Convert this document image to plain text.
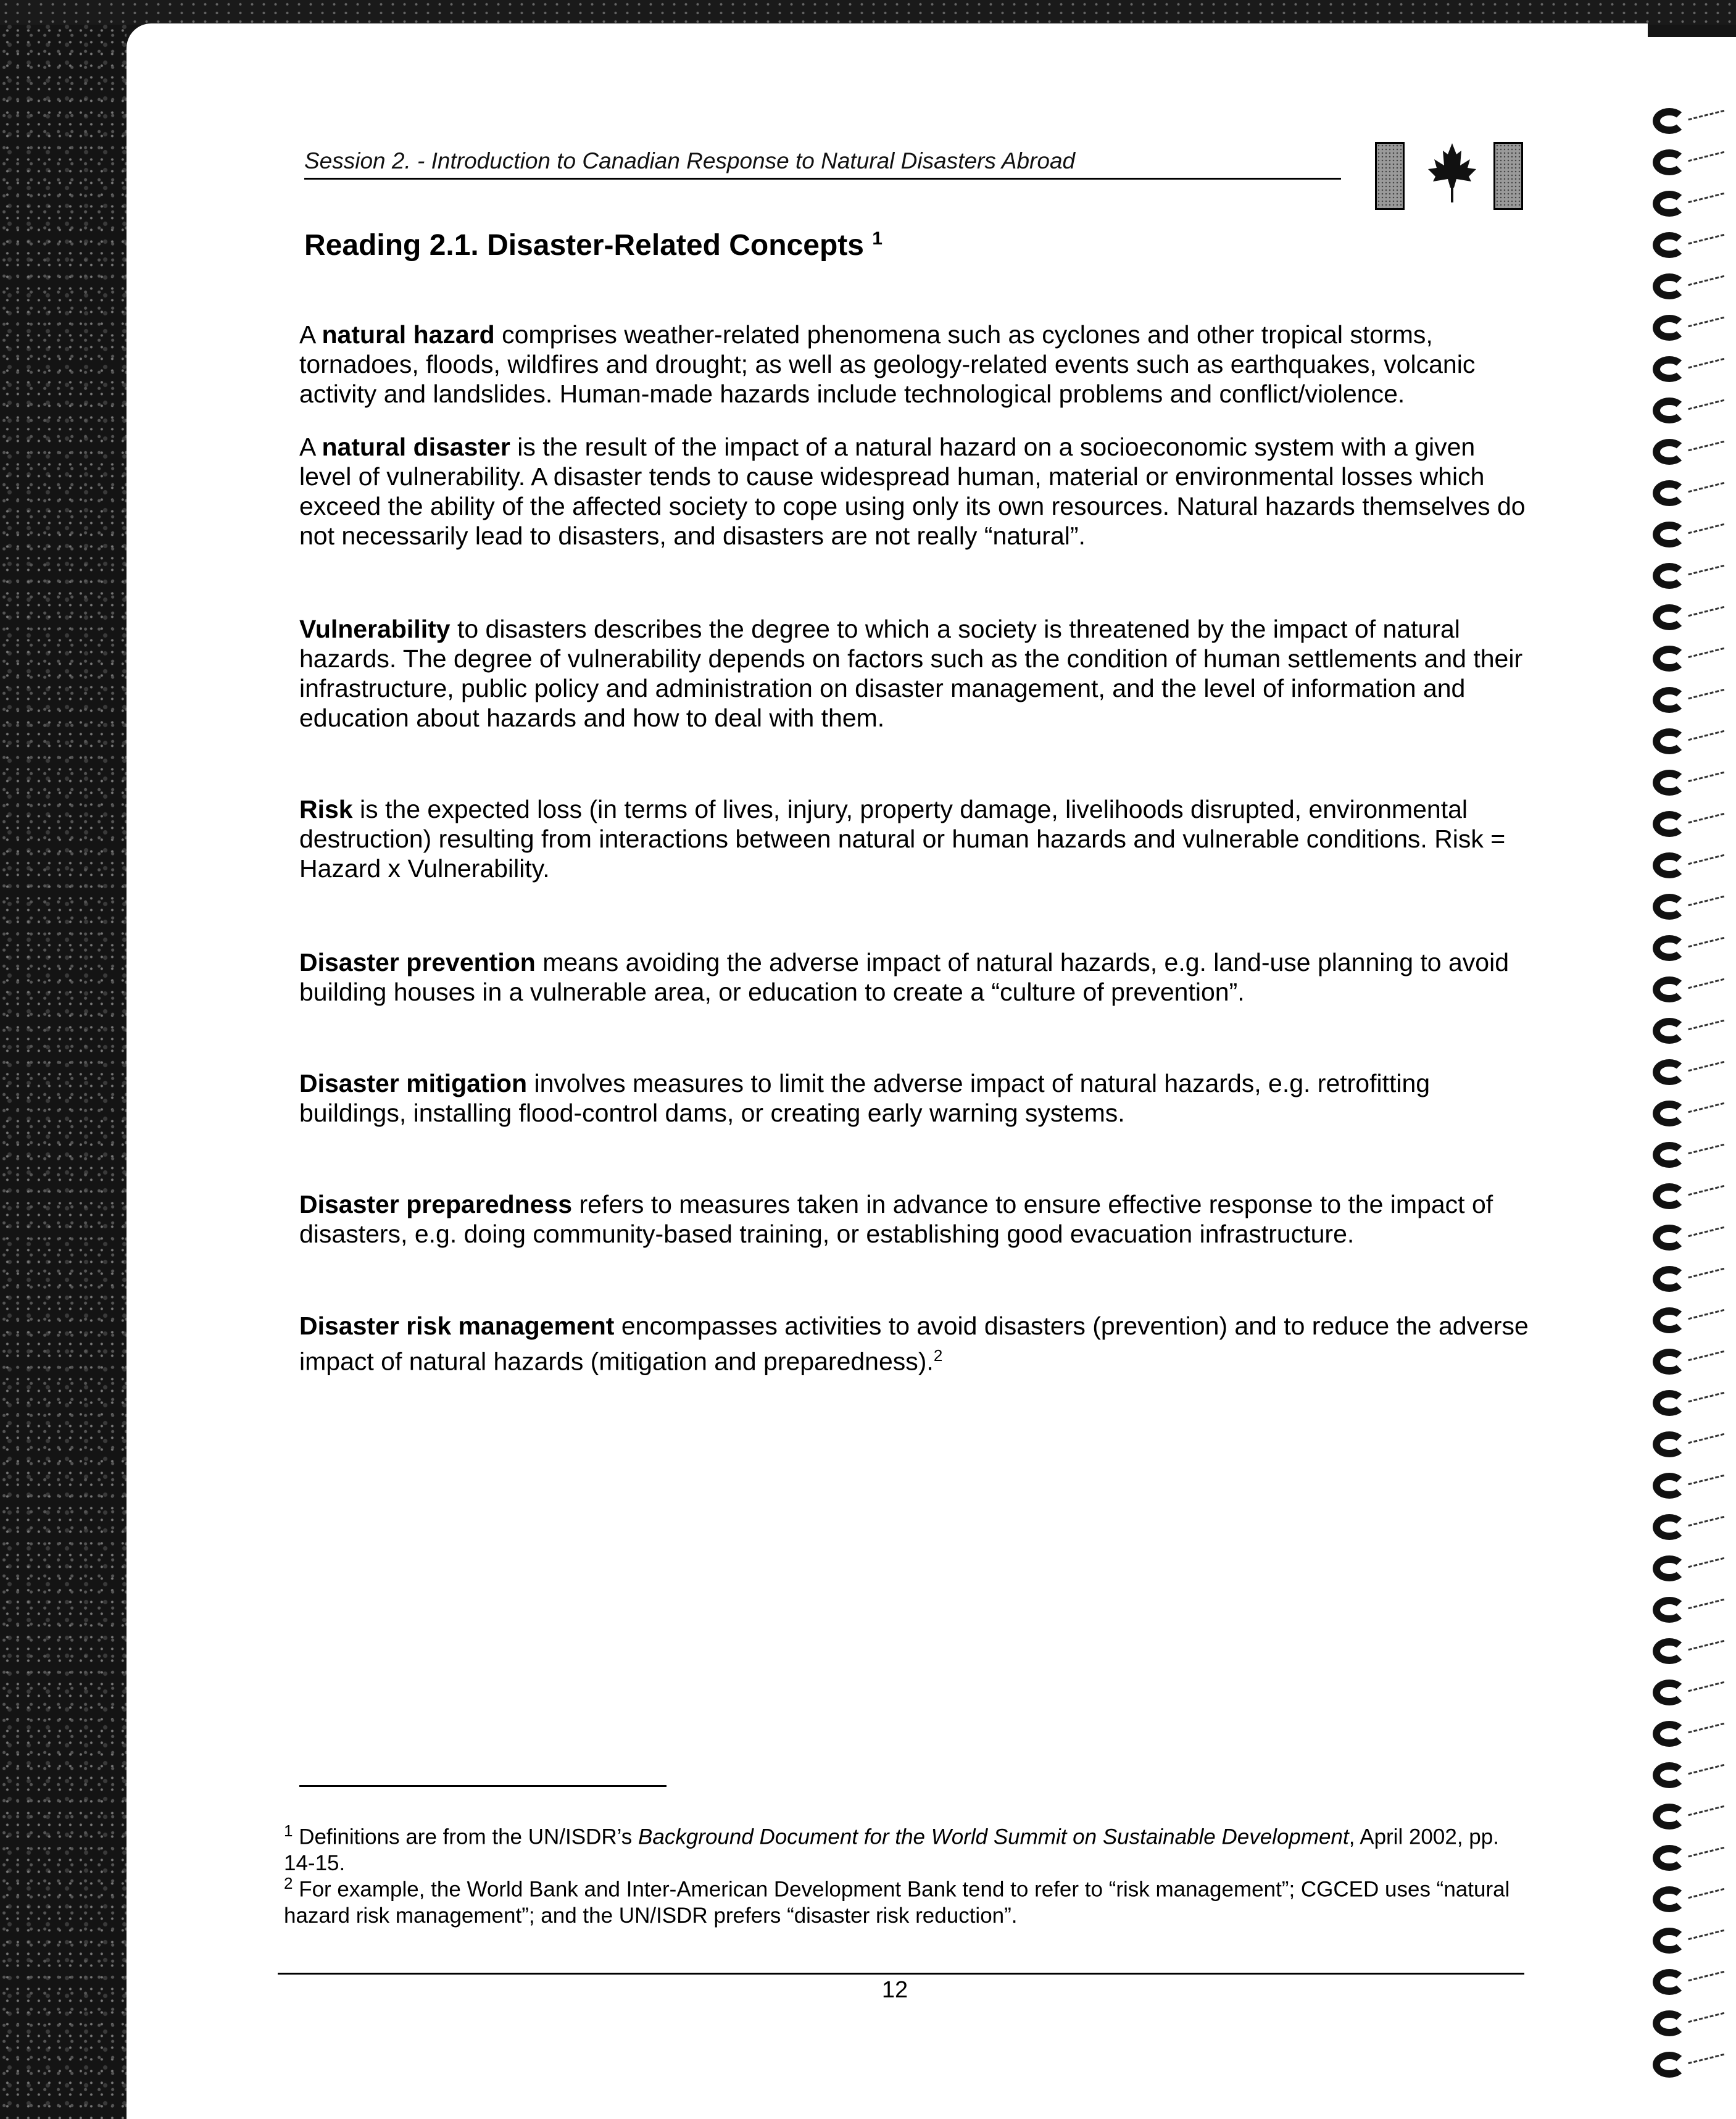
Session 2. - Introduction to Canadian Response to Natural Disasters Abroad
Reading 2.1. Disaster-Related Concepts $^1$

A natural hazard comprises weather-related phenomena such as cyclones and other tropical storms, tornadoes, floods, wildfires and drought; as well as geology-related events such as earthquakes, volcanic activity and landslides. Human-made hazards include technological problems and conflict/violence.

A natural disaster is the result of the impact of a natural hazard on a socioeconomic system with a given level of vulnerability. A disaster tends to cause widespread human, material or environmental losses which exceed the ability of the affected society to cope using only its own resources. Natural hazards themselves do not necessarily lead to disasters, and disasters are not really “natural”.

Vulnerability to disasters describes the degree to which a society is threatened by the impact of natural hazards. The degree of vulnerability depends on factors such as the condition of human settlements and their infrastructure, public policy and administration on disaster management, and the level of information and education about hazards and how to deal with them.

Risk is the expected loss (in terms of lives, injury, property damage, livelihoods disrupted, environmental destruction) resulting from interactions between natural or human hazards and vulnerable conditions. Risk = Hazard x Vulnerability.

Disaster prevention means avoiding the adverse impact of natural hazards, e.g. land-use planning to avoid building houses in a vulnerable area, or education to create a “culture of prevention”.

Disaster mitigation involves measures to limit the adverse impact of natural hazards, e.g. retrofitting buildings, installing flood-control dams, or creating early warning systems.

Disaster preparedness refers to measures taken in advance to ensure effective response to the impact of disasters, e.g. doing community-based training, or establishing good evacuation infrastructure.

Disaster risk management encompasses activities to avoid disasters (prevention) and to reduce the adverse impact of natural hazards (mitigation and preparedness).$^2$

$^1$ Definitions are from the UN/ISDR’s Background Document for the World Summit on Sustainable Development, April 2002, pp. 14-15.

$^2$ For example, the World Bank and Inter-American Development Bank tend to refer to “risk management”; CGCED uses “natural hazard risk management”; and the UN/ISDR prefers “disaster risk reduction”.

12
